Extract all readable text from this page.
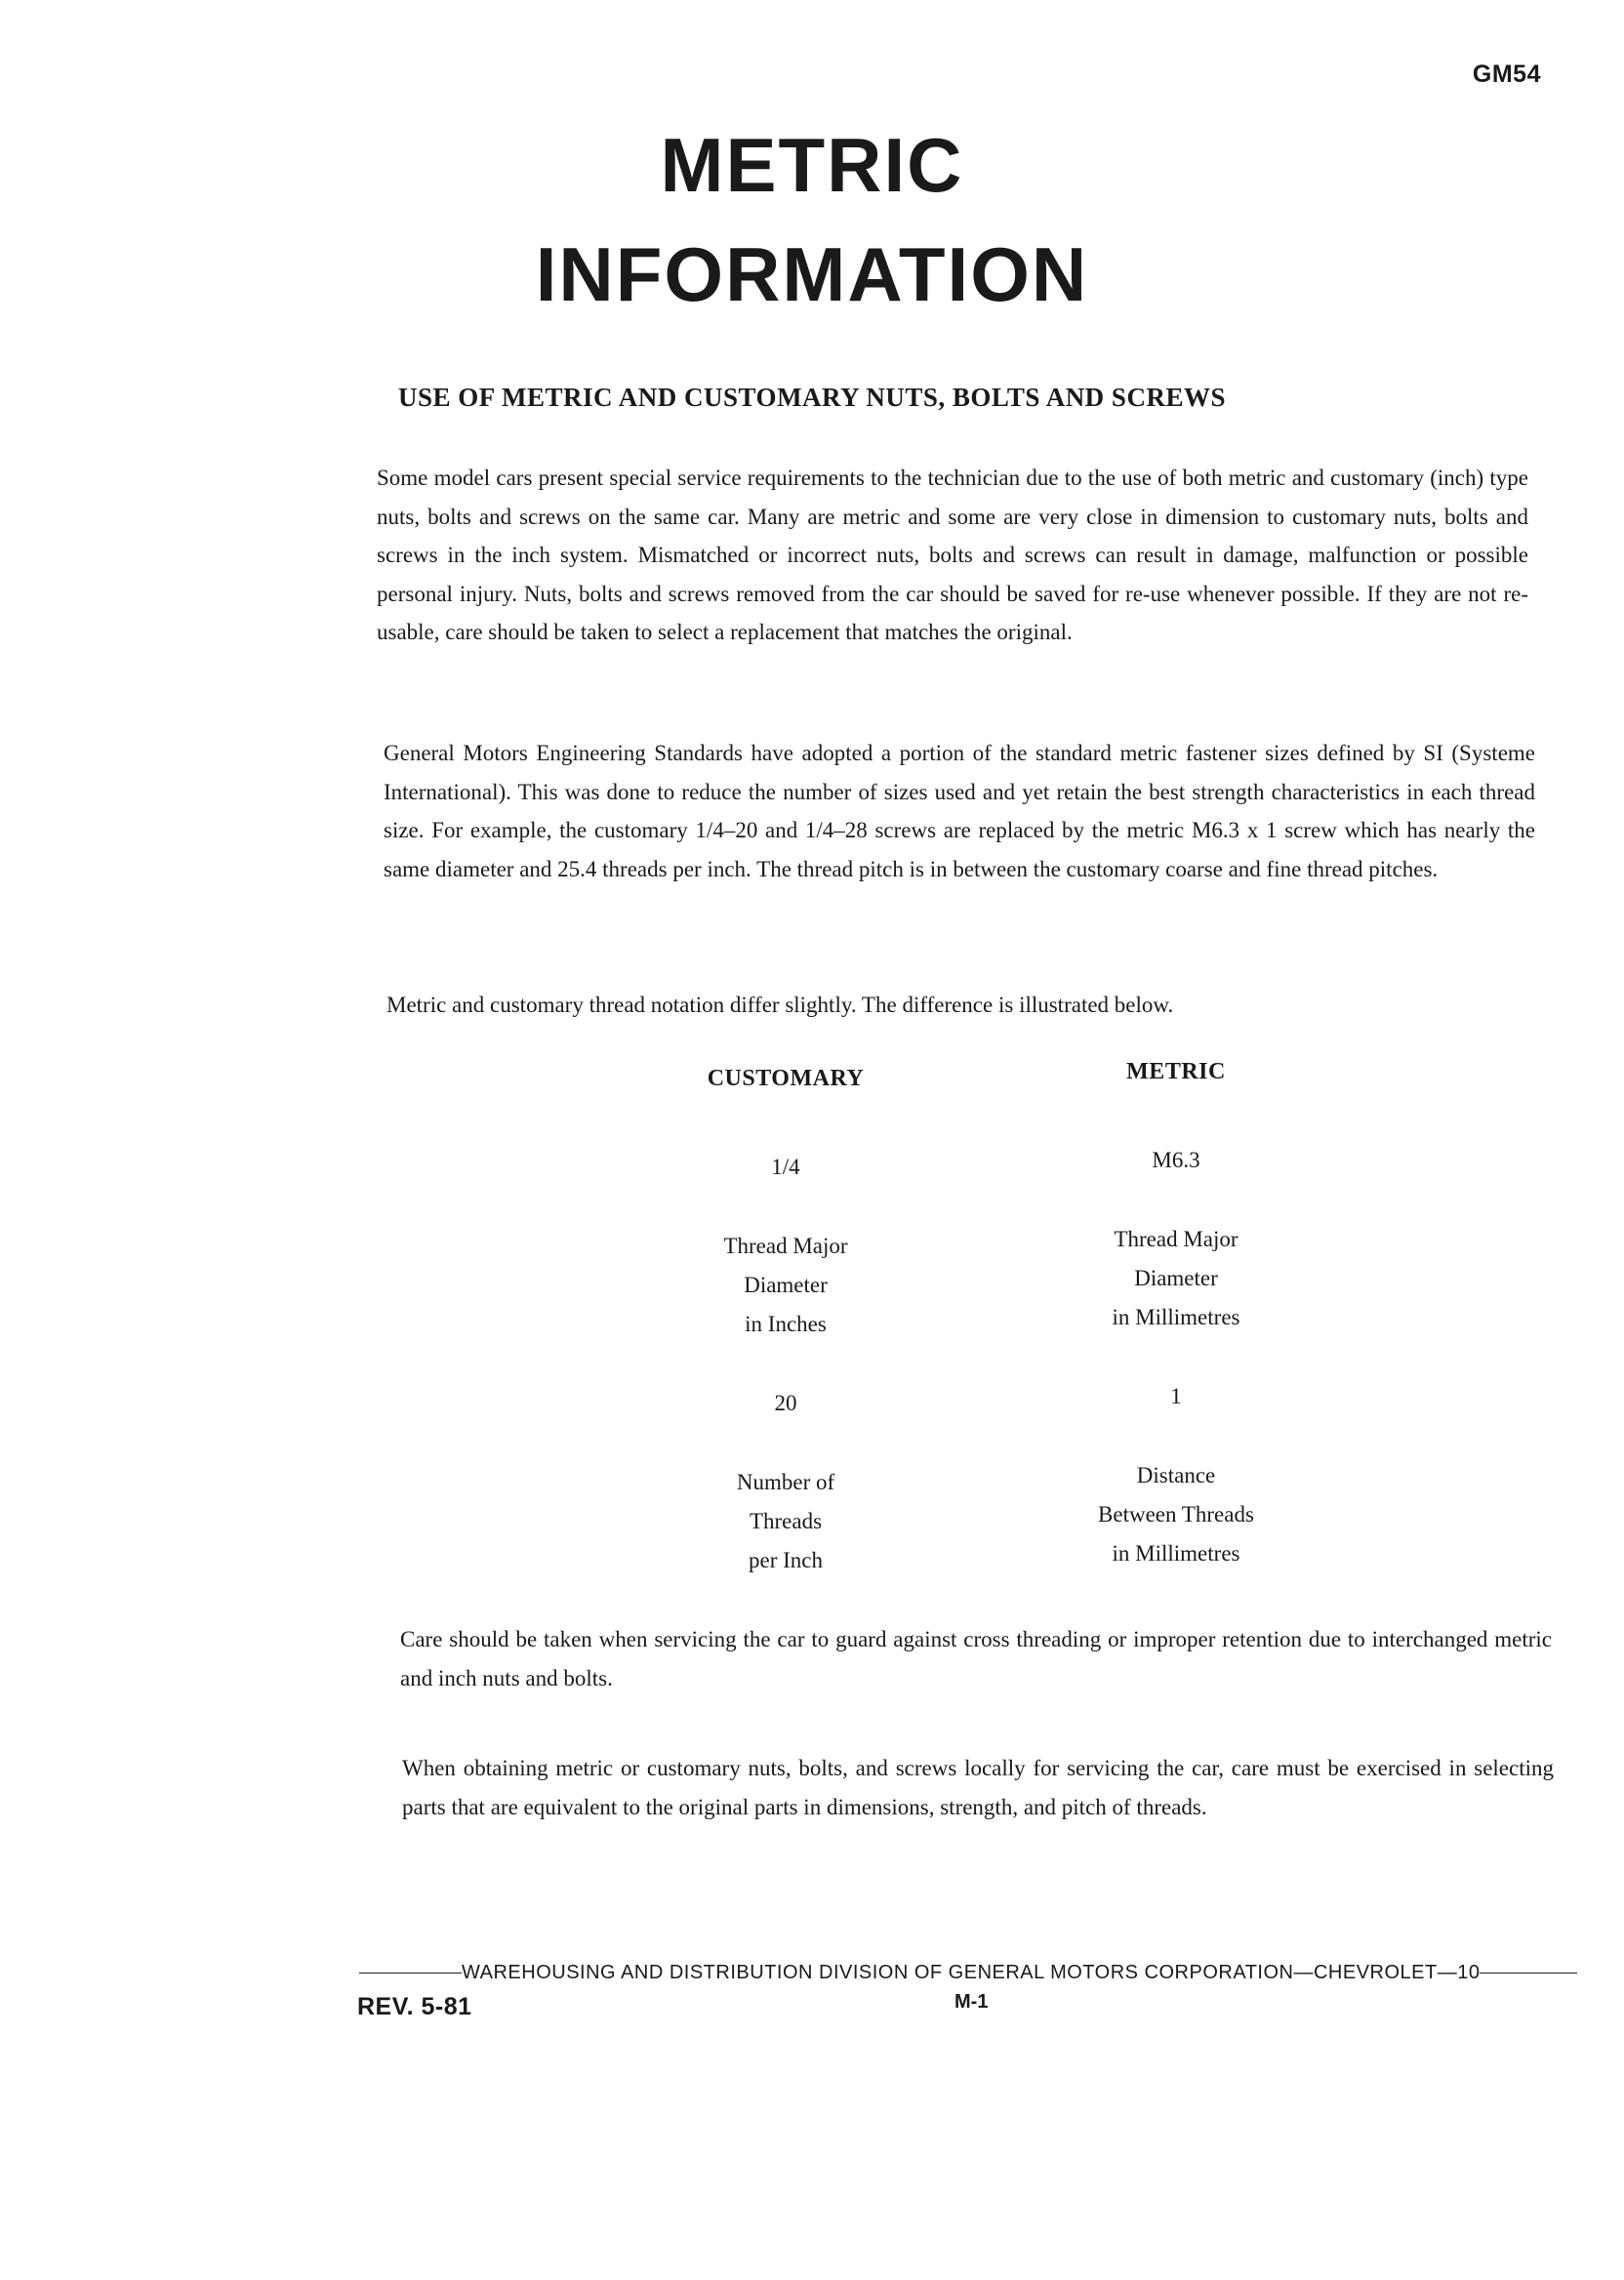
GM54
METRIC
INFORMATION
USE OF METRIC AND CUSTOMARY NUTS, BOLTS AND SCREWS

Some model cars present special service requirements to the technician due to the use of both metric and customary (inch) type nuts, bolts and screws on the same car. Many are metric and some are very close in dimension to customary nuts, bolts and screws in the inch system. Mismatched or incorrect nuts, bolts and screws can result in damage, malfunction or possible personal injury. Nuts, bolts and screws removed from the car should be saved for re-use whenever possible. If they are not re-usable, care should be taken to select a replacement that matches the original.

General Motors Engineering Standards have adopted a portion of the standard metric fastener sizes defined by SI (Systeme International). This was done to reduce the number of sizes used and yet retain the best strength characteristics in each thread size. For example, the customary 1/4–20 and 1/4–28 screws are replaced by the metric M6.3 x 1 screw which has nearly the same diameter and 25.4 threads per inch. The thread pitch is in between the customary coarse and fine thread pitches.

Metric and customary thread notation differ slightly. The difference is illustrated below.

CUSTOMARY
1/4
Thread Major
Diameter
in Inches
20
Number of
Threads
per Inch
METRIC
M6.3
Thread Major
Diameter
in Millimetres
1
Distance
Between Threads
in Millimetres

Care should be taken when servicing the car to guard against cross threading or improper retention due to interchanged metric and inch nuts and bolts.

When obtaining metric or customary nuts, bolts, and screws locally for servicing the car, care must be exercised in selecting parts that are equivalent to the original parts in dimensions, strength, and pitch of threads.

WAREHOUSING AND DISTRIBUTION DIVISION OF GENERAL MOTORS CORPORATION—CHEVROLET—10
REV. 5-81	M-1
